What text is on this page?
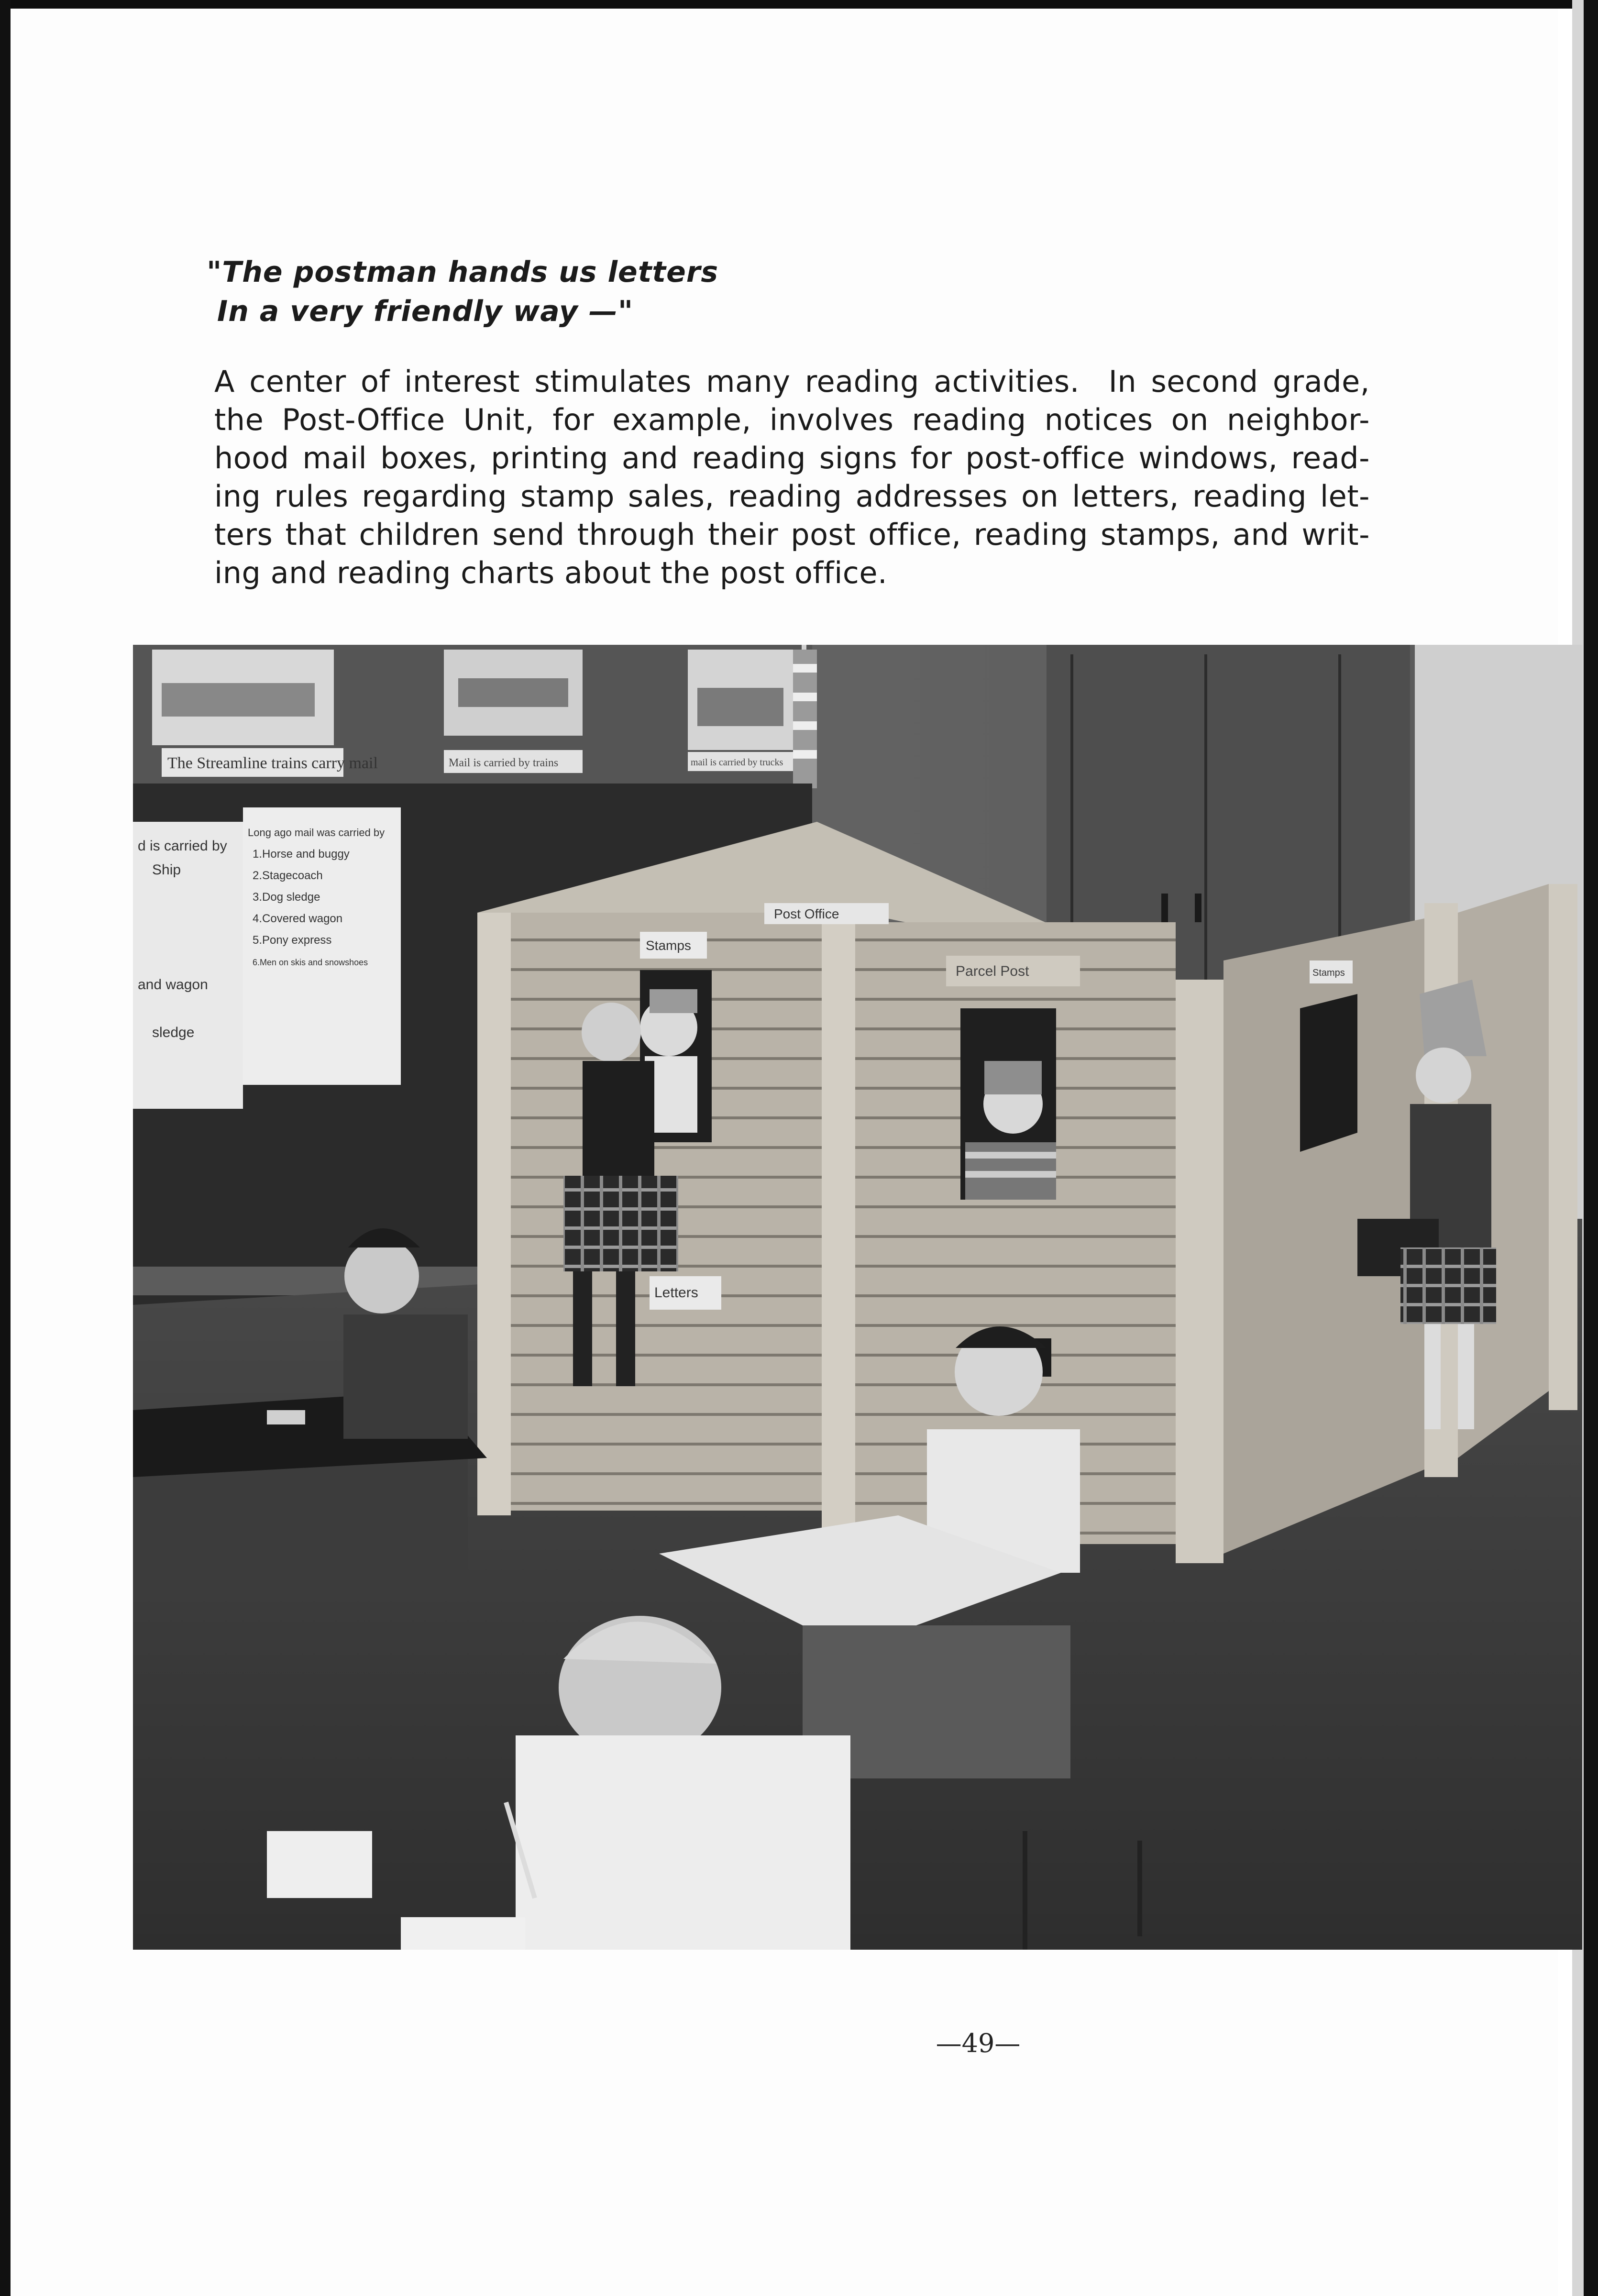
"The postman hands us letters
In a very friendly way —"
A center of interest stimulates many reading activities.  In second grade,
the Post-Office Unit, for example, involves reading notices on neighbor-
hood mail boxes, printing and reading signs for post-office windows, read-
ing rules regarding stamp sales, reading addresses on letters, reading let-
ters that children send through their post office, reading stamps, and writ-
ing and reading charts about the post office.
The Streamline trains carry mail	Mail is carried by trains	mail is carried by trucks
d is carried by
Ship
and wagon
sledge
Long ago mail was carried by
1.Horse and buggy
2.Stagecoach
3.Dog sledge
4.Covered wagon
5.Pony express
6.Men on skis and snowshoes
Post Office
Stamps
Parcel Post	Stamps
Letters
—49—
